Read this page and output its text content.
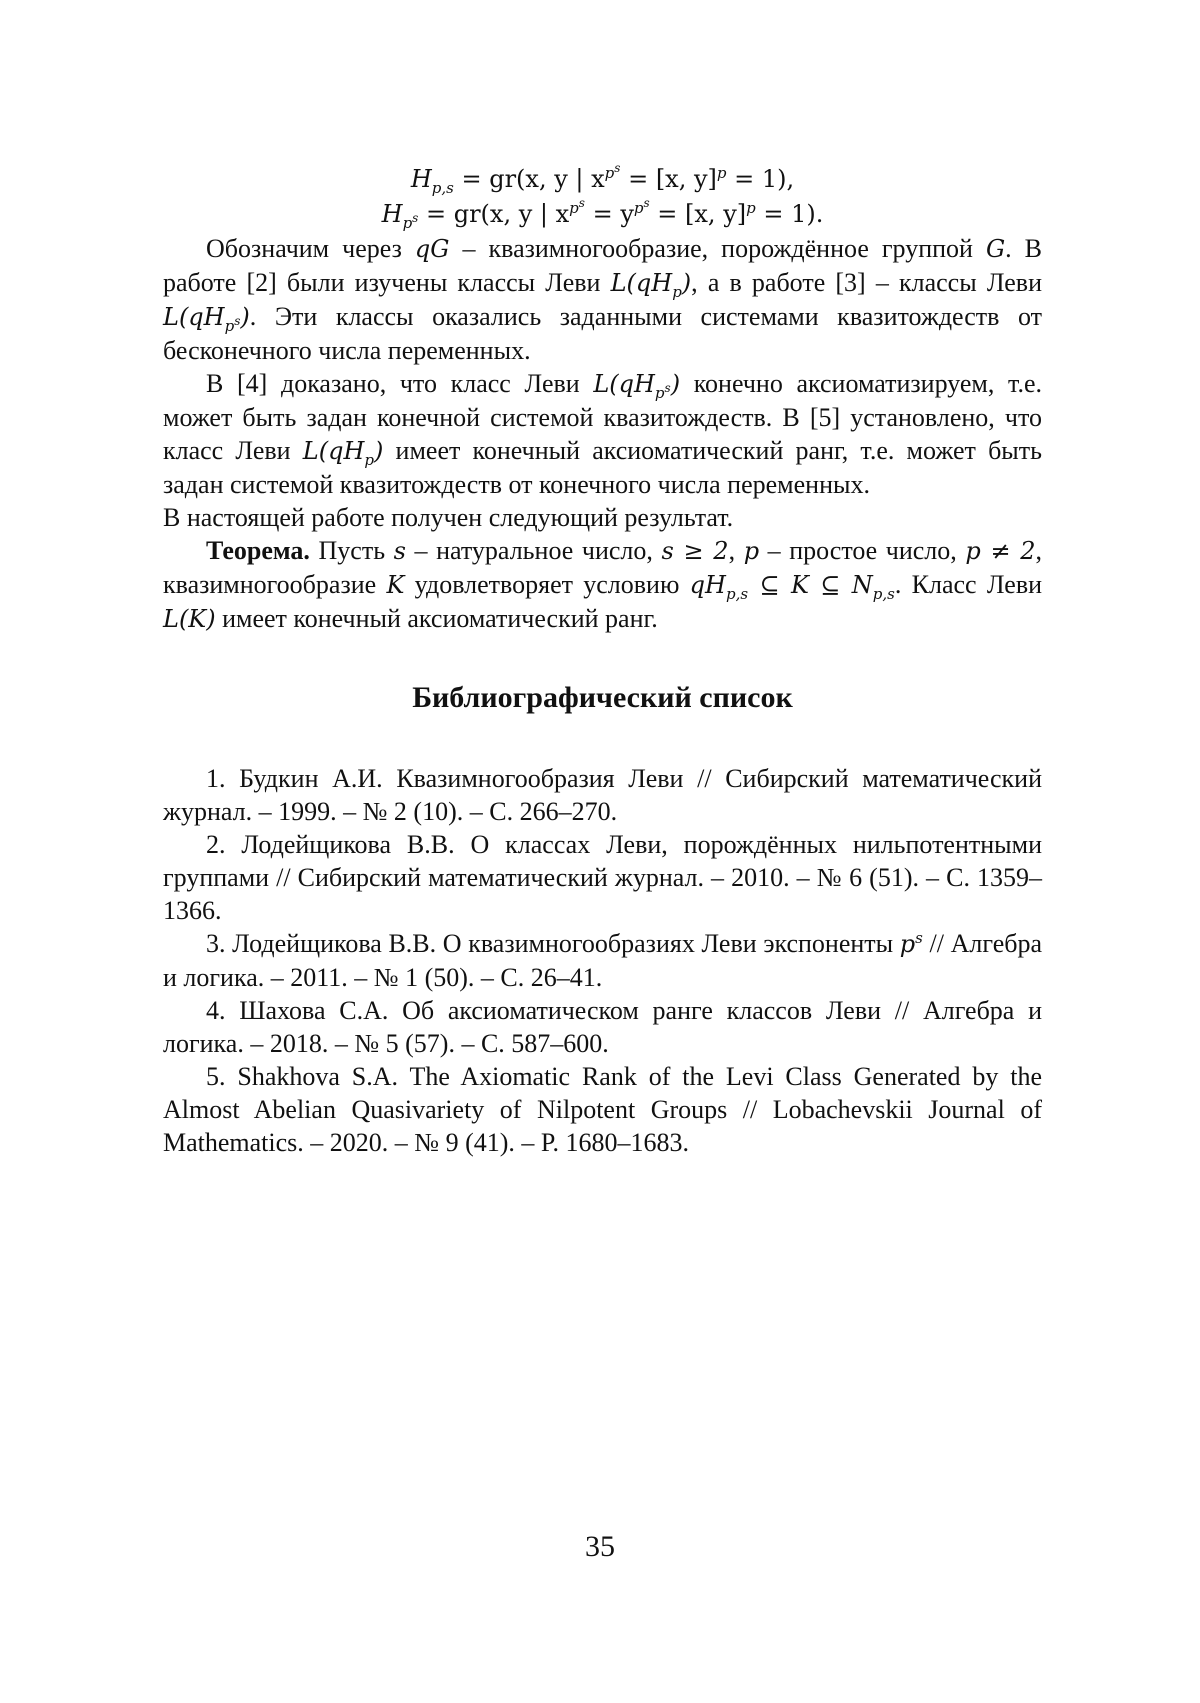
$H_{p,s} = gr(x$, y | $x^{p^s} = [x$, y]$^p$ = 1),
$H_{p^s} = gr(x$, y | $x^{p^s} = y^{p^s} = [x$, y]$^p$ = 1).

Обозначим через qG – квазимногообразие, порождённое группой G. В работе [2] были изучены классы Леви $L(qH_p)$, а в работе [3] – классы Леви $L(qH_{p^s})$. Эти классы оказались заданными системами квазитождеств от бесконечного числа переменных.

В [4] доказано, что класс Леви $L(qH_{p^s})$ конечно аксиоматизируем, т.е. может быть задан конечной системой квазитождеств. В [5] установлено, что класс Леви $L(qH_p)$ имеет конечный аксиоматический ранг, т.е. может быть задан системой квазитождеств от конечного числа переменных.

В настоящей работе получен следующий результат.

Теорема. Пусть s – натуральное число, s ≥ 2, p – простое число, p ≠ 2, квазимногообразие K удовлетворяет условию $qH_{p,s}$ ⊆ K ⊆ $N_{p,s}$. Класс Леви L(K) имеет конечный аксиоматический ранг.

Библиографический список

1. Будкин А.И. Квазимногообразия Леви // Сибирский математический журнал. – 1999. – № 2 (10). – С. 266–270.

2. Лодейщикова В.В. О классах Леви, порождённых нильпотентными группами // Сибирский математический журнал. – 2010. – № 6 (51). – С. 1359–1366.

3. Лодейщикова В.В. О квазимногообразиях Леви экспоненты $p^s$ // Алгебра и логика. – 2011. – № 1 (50). – С. 26–41.

4. Шахова С.А. Об аксиоматическом ранге классов Леви // Алгебра и логика. – 2018. – № 5 (57). – С. 587–600.

5. Shakhova S.A. The Axiomatic Rank of the Levi Class Generated by the Almost Abelian Quasivariety of Nilpotent Groups // Lobachevskii Journal of Mathematics. – 2020. – № 9 (41). – P. 1680–1683.

35
